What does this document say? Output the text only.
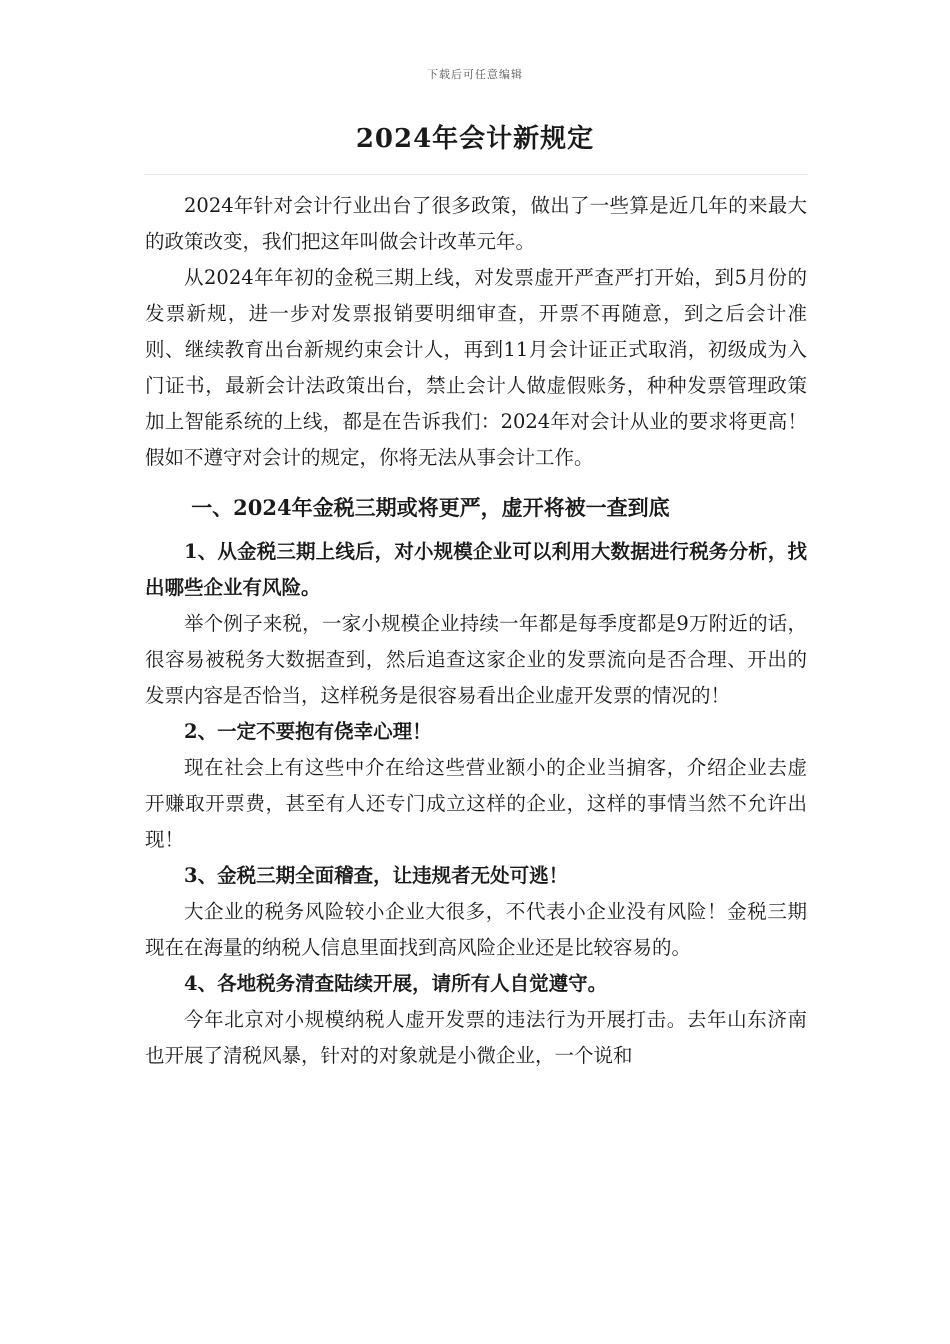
下载后可任意编辑
2024年会计新规定

2024年针对会计行业出台了很多政策，做出了一些算是近几年的来最大的政策改变，我们把这年叫做会计改革元年。

从2024年年初的金税三期上线，对发票虚开严查严打开始，到5月份的发票新规，进一步对发票报销要明细审查，开票不再随意，到之后会计准则、继续教育出台新规约束会计人，再到11月会计证正式取消，初级成为入门证书，最新会计法政策出台，禁止会计人做虚假账务，种种发票管理政策加上智能系统的上线，都是在告诉我们：2024年对会计从业的要求将更高！假如不遵守对会计的规定，你将无法从事会计工作。

一、2024年金税三期或将更严，虚开将被一查到底

1、从金税三期上线后，对小规模企业可以利用大数据进行税务分析，找出哪些企业有风险。

举个例子来税，一家小规模企业持续一年都是每季度都是9万附近的话，很容易被税务大数据查到，然后追查这家企业的发票流向是否合理、开出的发票内容是否恰当，这样税务是很容易看出企业虚开发票的情况的！

2、一定不要抱有侥幸心理！

现在社会上有这些中介在给这些营业额小的企业当掮客，介绍企业去虚开赚取开票费，甚至有人还专门成立这样的企业，这样的事情当然不允许出现！

3、金税三期全面稽查，让违规者无处可逃！

大企业的税务风险较小企业大很多，不代表小企业没有风险！金税三期现在在海量的纳税人信息里面找到高风险企业还是比较容易的。

4、各地税务清查陆续开展，请所有人自觉遵守。

今年北京对小规模纳税人虚开发票的违法行为开展打击。去年山东济南也开展了清税风暴，针对的对象就是小微企业，一个说和
